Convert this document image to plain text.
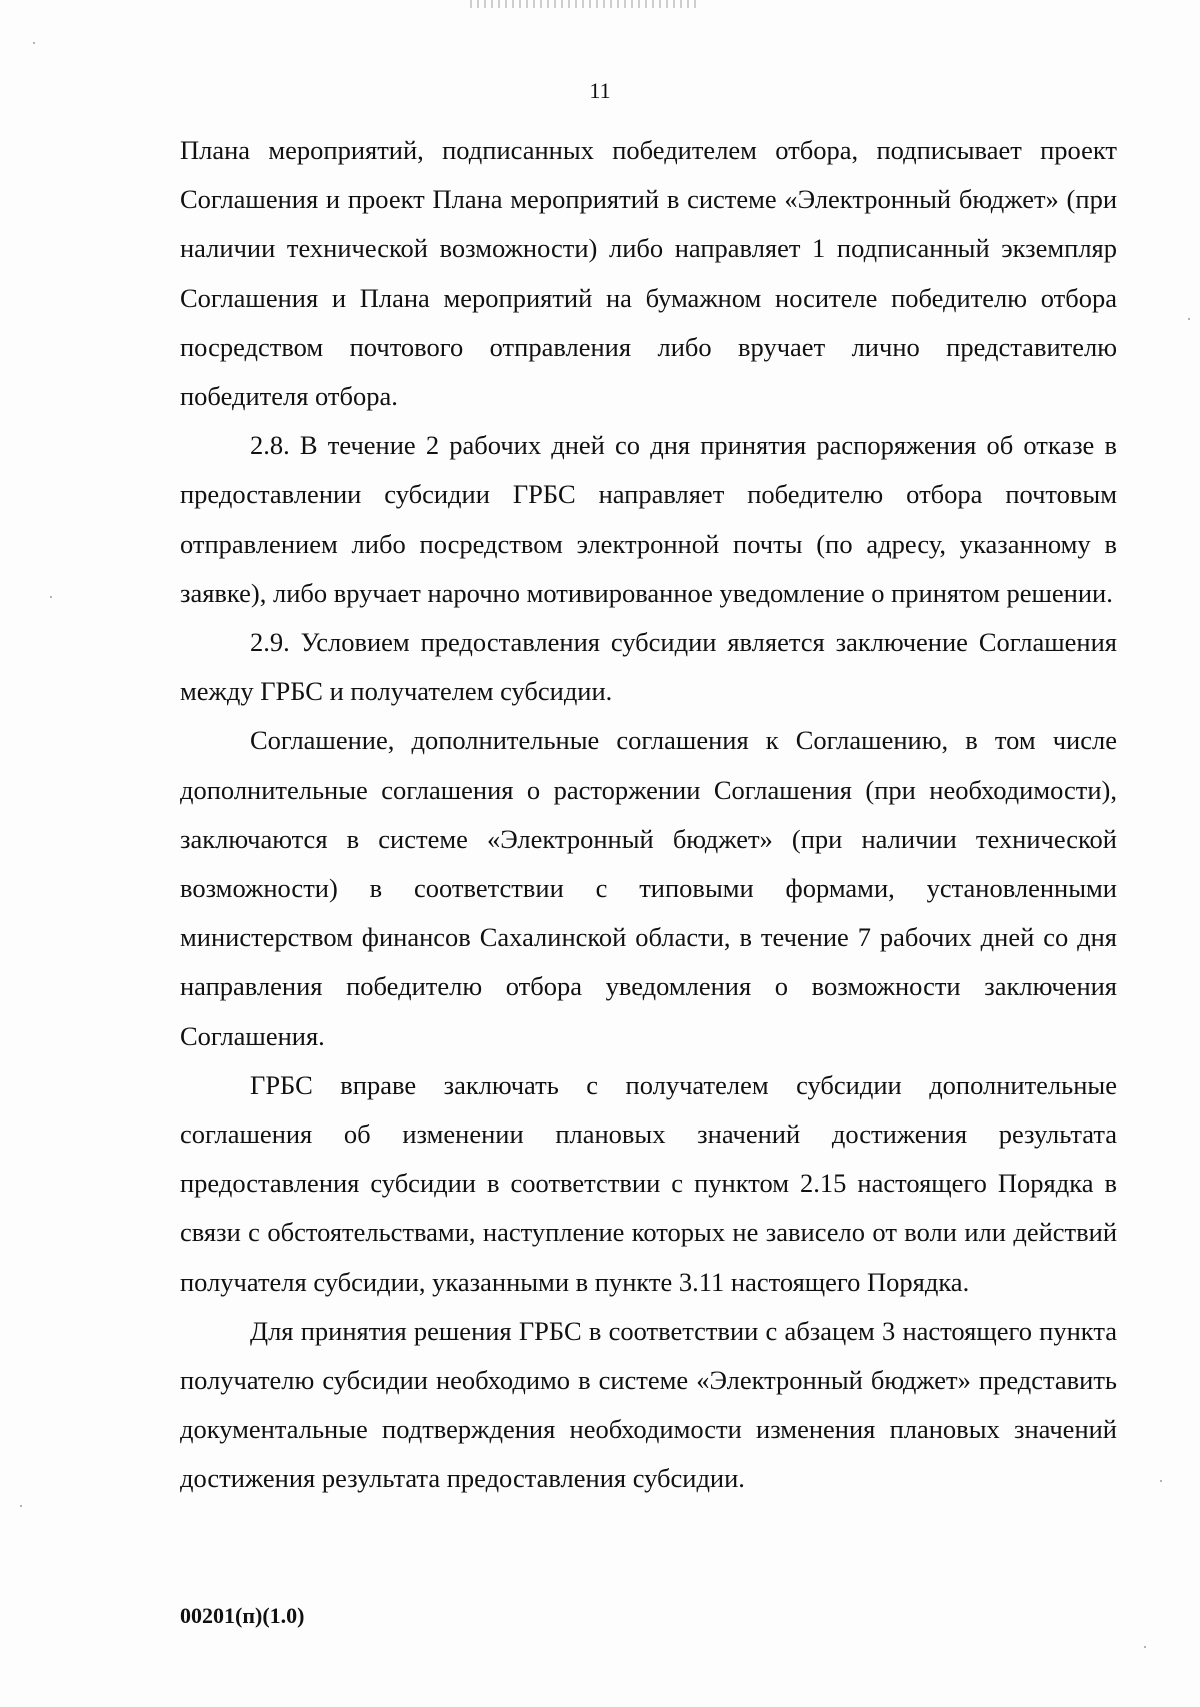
11

Плана мероприятий, подписанных победителем отбора, подписывает проект Соглашения и проект Плана мероприятий в системе «Электронный бюджет» (при наличии технической возможности) либо направляет 1 подписанный экземпляр Соглашения и Плана мероприятий на бумажном носителе победителю отбора посредством почтового отправления либо вручает лично представителю победителя отбора.

2.8. В течение 2 рабочих дней со дня принятия распоряжения об отказе в предоставлении субсидии ГРБС направляет победителю отбора почтовым отправлением либо посредством электронной почты (по адресу, указанному в заявке), либо вручает нарочно мотивированное уведомление о принятом решении.

2.9. Условием предоставления субсидии является заключение Соглашения между ГРБС и получателем субсидии.

Соглашение, дополнительные соглашения к Соглашению, в том числе дополнительные соглашения о расторжении Соглашения (при необходимости), заключаются в системе «Электронный бюджет» (при наличии технической возможности) в соответствии с типовыми формами, установленными министерством финансов Сахалинской области, в течение 7 рабочих дней со дня направления победителю отбора уведомления о возможности заключения Соглашения.

ГРБС вправе заключать с получателем субсидии дополнительные соглашения об изменении плановых значений достижения результата предоставления субсидии в соответствии с пунктом 2.15 настоящего Порядка в связи с обстоятельствами, наступление которых не зависело от воли или действий получателя субсидии, указанными в пункте 3.11 настоящего Порядка.

Для принятия решения ГРБС в соответствии с абзацем 3 настоящего пункта получателю субсидии необходимо в системе «Электронный бюджет» представить документальные подтверждения необходимости изменения плановых значений достижения результата предоставления субсидии.

00201(п)(1.0)
